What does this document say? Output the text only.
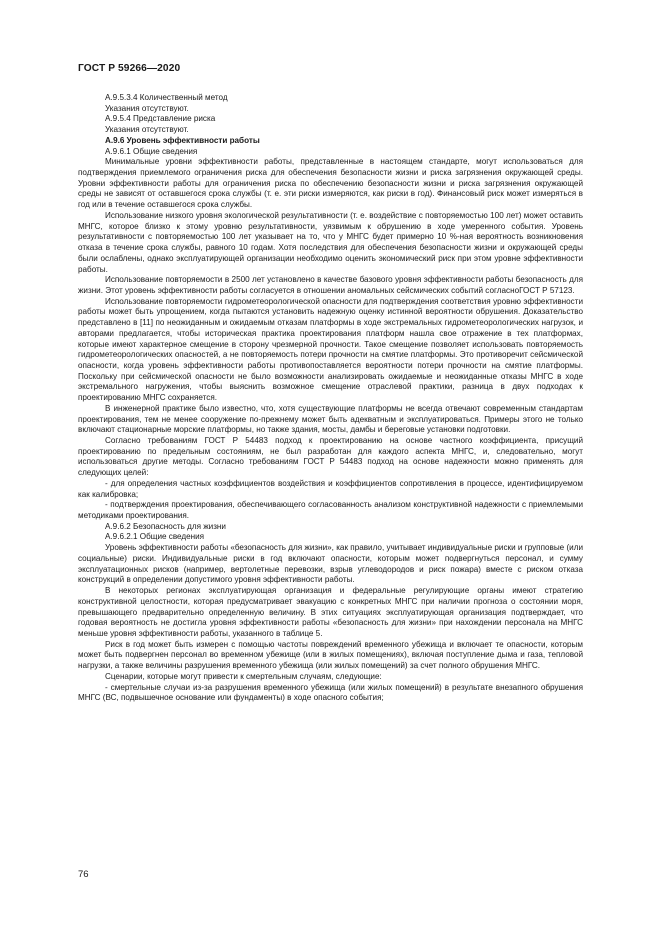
ГОСТ Р 59266—2020

А.9.5.3.4 Количественный метод

Указания отсутствуют.

А.9.5.4 Представление риска

Указания отсутствуют.

А.9.6 Уровень эффективности работы

А.9.6.1 Общие сведения

Минимальные уровни эффективности работы, представленные в настоящем стандарте, могут использоваться для подтверждения приемлемого ограничения риска для обеспечения безопасности жизни и риска загрязнения окружающей среды. Уровни эффективности работы для ограничения риска по обеспечению безопасности жизни и риска загрязнения окружающей среды не зависят от оставшегося срока службы (т. е. эти риски измеряются, как риски в год). Финансовый риск может измеряться в год или в течение оставшегося срока службы.

Использование низкого уровня экологической результативности (т. е. воздействие с повторяемостью 100 лет) может оставить МНГС, которое близко к этому уровню результативности, уязвимым к обрушению в ходе умеренного события. Уровень результативности с повторяемостью 100 лет указывает на то, что у МНГС будет примерно 10 %-ная вероятность возникновения отказа в течение срока службы, равного 10 годам. Хотя последствия для обеспечения безопасности жизни и окружающей среды были ослаблены, однако эксплуатирующей организации необходимо оценить экономический риск при этом уровне эффективности работы.

Использование повторяемости в 2500 лет установлено в качестве базового уровня эффективности работы безопасность для жизни. Этот уровень эффективности работы согласуется в отношении аномальных сейсмических событий согласноГОСТ Р 57123.

Использование повторяемости гидрометеорологической опасности для подтверждения соответствия уровню эффективности работы может быть упрощением, когда пытаются установить надежную оценку истинной вероятности обрушения. Доказательство представлено в [11] по неожиданным и ожидаемым отказам платформы в ходе экстремальных гидрометеорологических нагрузок, и авторами предлагается, чтобы историческая практика проектирования платформ нашла свое отражение в тех платформах, которые имеют характерное смещение в сторону чрезмерной прочности. Такое смещение позволяет использовать повторяемость гидрометеорологических опасностей, а не повторяемость потери прочности на смятие платформы. Это противоречит сейсмической опасности, когда уровень эффективности работы противопоставляется вероятности потери прочности на смятие платформы. Поскольку при сейсмической опасности не было возможности анализировать ожидаемые и неожиданные отказы МНГС в ходе экстремального нагружения, чтобы выяснить возможное смещение отраслевой практики, разница в двух подходах к проектированию МНГС сохраняется.

В инженерной практике было известно, что, хотя существующие платформы не всегда отвечают современным стандартам проектирования, тем не менее сооружение по-прежнему может быть адекватным и эксплуатироваться. Примеры этого не только включают стационарные морские платформы, но также здания, мосты, дамбы и береговые установки подготовки.

Согласно требованиям ГОСТ Р 54483 подход к проектированию на основе частного коэффициента, присущий проектированию по предельным состояниям, не был разработан для каждого аспекта МНГС, и, следовательно, могут использоваться другие методы. Согласно требованиям ГОСТ Р 54483 подход на основе надежности можно применять для следующих целей:

- для определения частных коэффициентов воздействия и коэффициентов сопротивления в процессе, идентифицируемом как калибровка;

- подтверждения проектирования, обеспечивающего согласованность анализом конструктивной надежности с приемлемыми методиками проектирования.

А.9.6.2 Безопасность для жизни

А.9.6.2.1 Общие сведения

Уровень эффективности работы «безопасность для жизни», как правило, учитывает индивидуальные риски и групповые (или социальные) риски. Индивидуальные риски в год включают опасности, которым может подвергнуться персонал, и сумму эксплуатационных рисков (например, вертолетные перевозки, взрыв углеводородов и риск пожара) вместе с риском отказа конструкций в определении допустимого уровня эффективности работы.

В некоторых регионах эксплуатирующая организация и федеральные регулирующие органы имеют стратегию конструктивной целостности, которая предусматривает эвакуацию с конкретных МНГС при наличии прогноза о состоянии моря, превышающего предварительно определенную величину. В этих ситуациях эксплуатирующая организация подтверждает, что годовая вероятность не достигла уровня эффективности работы «безопасность для жизни» при нахождении персонала на МНГС меньше уровня эффективности работы, указанного в таблице 5.

Риск в год может быть измерен с помощью частоты повреждений временного убежища и включает те опасности, которым может быть подвергнен персонал во временном убежище (или в жилых помещениях), включая поступление дыма и газа, тепловой нагрузки, а также величины разрушения временного убежища (или жилых помещений) за счет полного обрушения МНГС.

Сценарии, которые могут привести к смертельным случаям, следующие:

- смертельные случаи из-за разрушения временного убежища (или жилых помещений) в результате внезапного обрушения МНГС (ВС, подвышечное основание или фундаменты) в ходе опасного события;

76
